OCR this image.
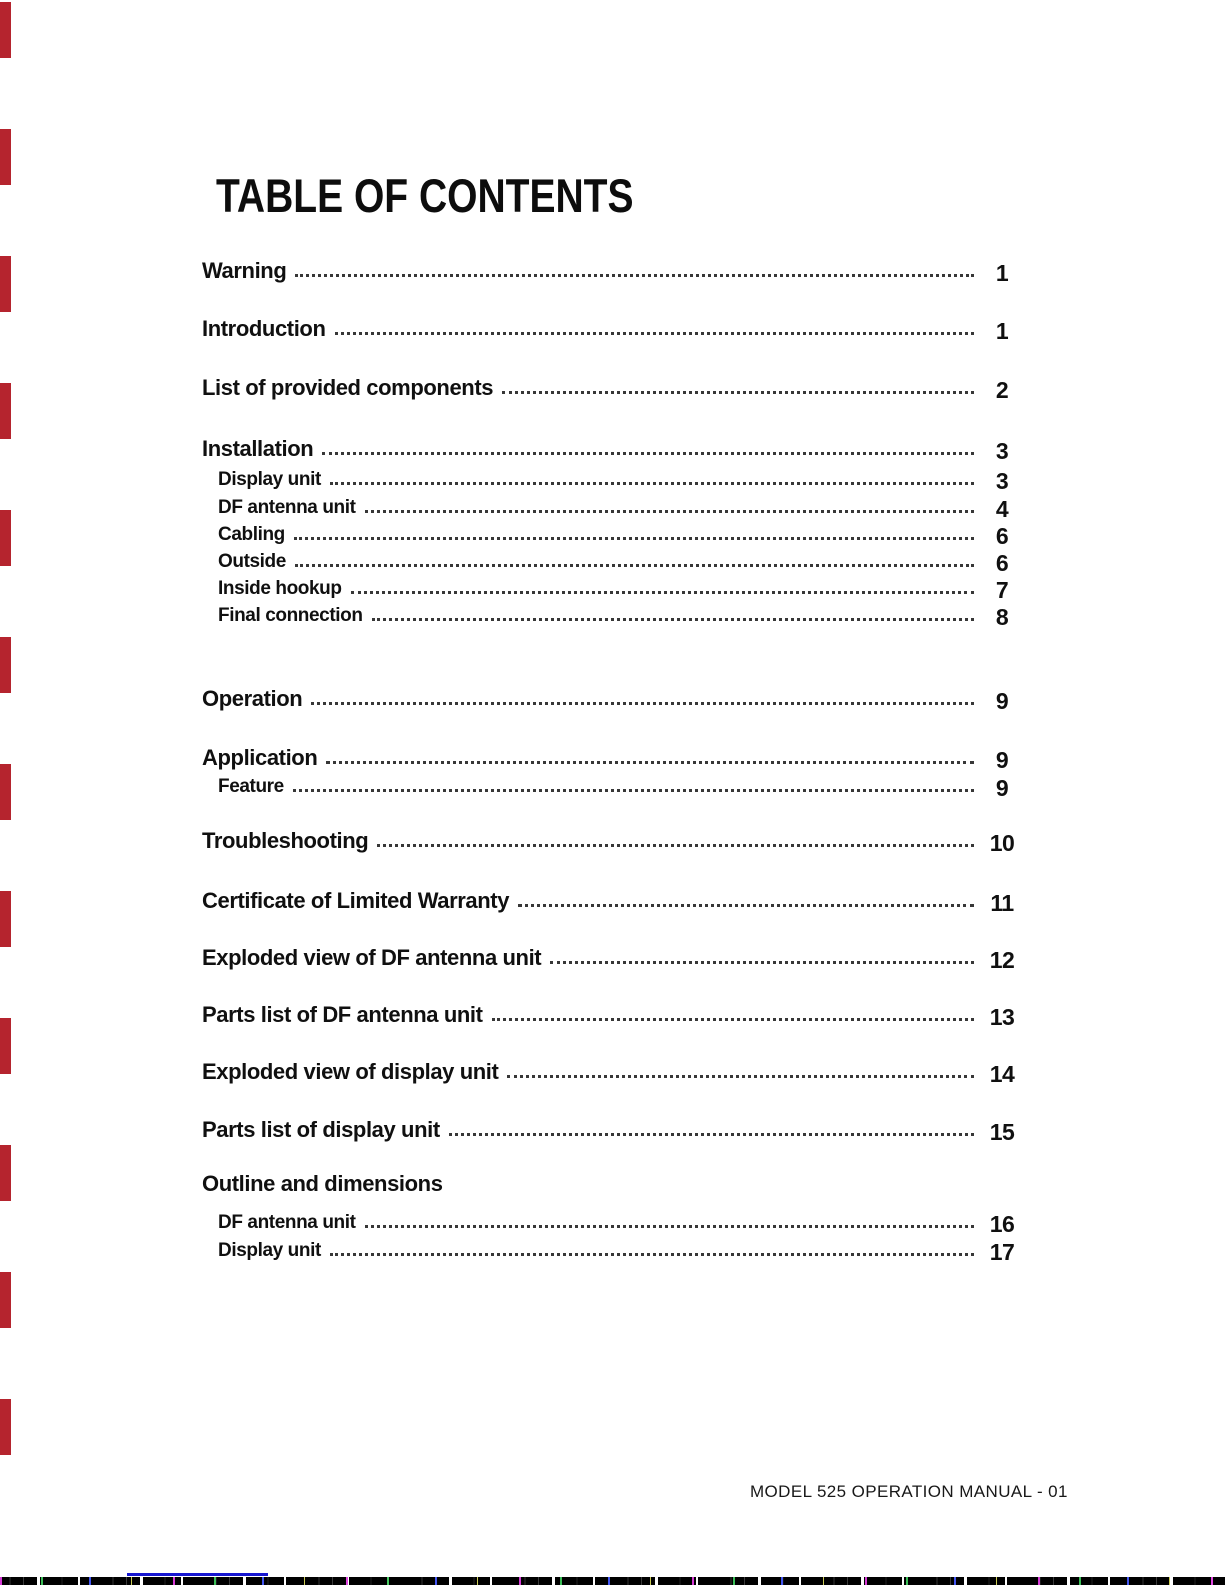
TABLE OF CONTENTS
Warning	1
Introduction	1
List of provided components	2
Installation	3
Display unit	3
DF antenna unit	4
Cabling	6
Outside	6
Inside hookup	7
Final connection	8
Operation	9
Application	9
Feature	9
Troubleshooting	10
Certificate of Limited Warranty	11
Exploded view of DF antenna unit	12
Parts list of DF antenna unit	13
Exploded view of display unit	14
Parts list of display unit	15
Outline and dimensions
DF antenna unit	16
Display unit	17
MODEL 525 OPERATION MANUAL - 01
